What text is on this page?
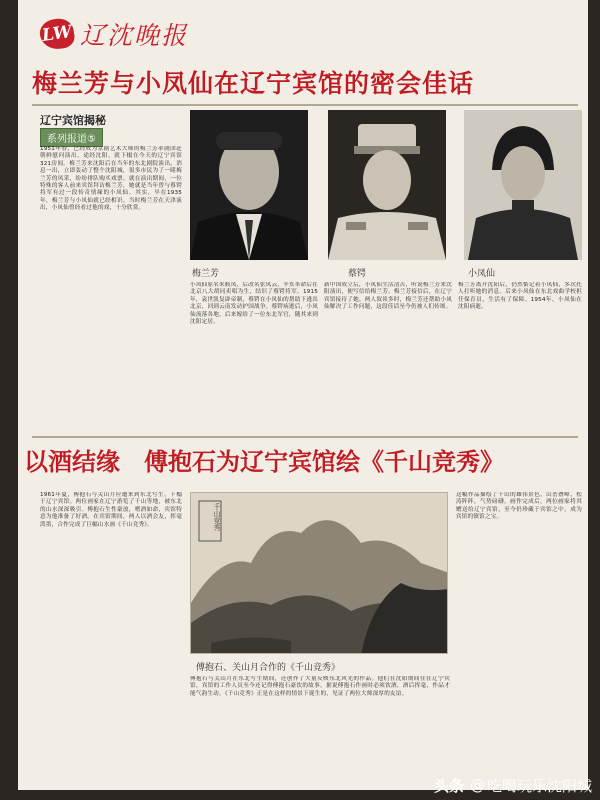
LW 辽沈晚报
梅兰芳与小凤仙在辽宁宾馆的密会佳话
辽宁宾馆揭秘
系列报道⑤
1951年春，已经成为京剧艺术大师的梅兰芳率剧团赴朝鲜慰问演出，途经沈阳，就下榻在今天的辽宁宾馆321房间。梅兰芳来沈阳后在当年的东北剧院演出，消息一出，立即轰动了整个沈阳城，很多市民为了一睹梅兰芳的风采，纷纷排队购买戏票。就在演出期间，一位特殊的客人前来宾馆拜访梅兰芳，她就是当年曾与蔡锷将军有过一段传奇情缘的小凤仙。其实，早在1935年，梅兰芳与小凤仙就已经相识。当时梅兰芳在天津演出，小凤仙曾经看过他的戏，十分欣赏。
梅兰芳	蔡锷	小凤仙
小凤仙原名朱筱凤，后改名张凤云，辛亥革命后在北京八大胡同卖唱为生，结识了蔡锷将军。1915年，袁世凯复辟帝制，蔡锷在小凤仙的帮助下逃出北京，回到云南发动护国战争。蔡锷病逝后，小凤仙流落各地，后来嫁给了一位东北军官，随其来到沈阳定居。
新中国成立后，小凤仙生活清苦，听说梅兰芳来沈阳演出，便写信给梅兰芳。梅兰芳接信后，在辽宁宾馆接待了她。两人叙谈多时，梅兰芳还帮助小凤仙解决了工作问题，这段佳话至今仍被人们传颂。
梅兰芳离开沈阳后，仍然惦记着小凤仙，多次托人打听她的消息。后来小凤仙在东北戏曲学校担任保育员，生活有了保障。1954年，小凤仙在沈阳病逝。
以酒结缘　傅抱石为辽宁宾馆绘《千山竞秀》
1961年夏，傅抱石与关山月应邀来到东北写生，下榻于辽宁宾馆。两位画家在辽宁游览了千山等地，被东北的山水深深吸引。傅抱石生性豪放，嗜酒如命，宾馆特意为他准备了好酒。在宾馆期间，两人以酒会友，挥毫泼墨，合作完成了巨幅山水画《千山竞秀》。	千山竞秀
傅抱石、关山月合作的《千山竞秀》
这幅作品描绘了千山的雄伟景色，山峦叠嶂，松涛阵阵，气势磅礴。画作完成后，两位画家将其赠送给辽宁宾馆，至今仍珍藏于宾馆之中，成为宾馆的镇馆之宝。
傅抱石与关山月在东北写生期间，还创作了大量反映东北风光的作品。他们在沈阳期间住在辽宁宾馆，宾馆的工作人员至今还记得傅抱石豪饮的故事。据说傅抱石作画时必须饮酒，酒后挥毫，作品才能气韵生动。《千山竞秀》正是在这样的情景下诞生的，见证了两位大师深厚的友谊。
头条 @ 吃喝玩乐沈阳城
